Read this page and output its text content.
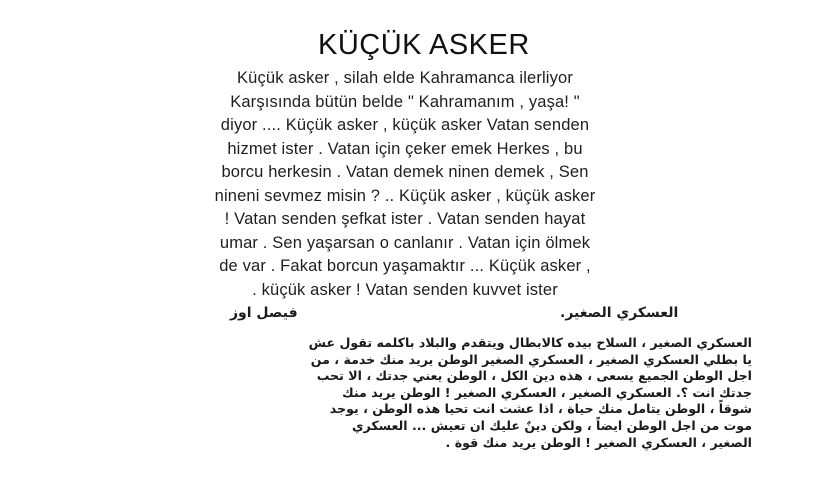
KÜÇÜK ASKER
Küçük asker , silah elde Kahramanca ilerliyor
Karşısında bütün belde " Kahramanım , yaşa! "
diyor .... Küçük asker , küçük asker Vatan senden
hizmet ister . Vatan için çeker emek Herkes , bu
borcu herkesin . Vatan demek ninen demek , Sen
nineni sevmez misin ? .. Küçük asker , küçük asker
! Vatan senden şefkat ister . Vatan senden hayat
umar . Sen yaşarsan o canlanır . Vatan için ölmek
de var . Fakat borcun yaşamaktır ... Küçük asker ,
. küçük asker ! Vatan senden kuvvet ister
فيصل اوز	العسكري الصغير.
العسكري الصغير ، السلاح بيده كالابطال ويتقدم والبلاد باكلمه تقول عش
يا بطلي العسكري الصغير ، العسكري الصغير الوطن يريد منك خدمة ، من
اجل الوطن الجميع يسعى ، هذه دين الكل ، الوطن يعني جدتك ، الا تحب
جدتك انت ؟. العسكري الصغير ، العسكري الصغير ! الوطن يريد منك
شوقاً ، الوطن يتامل منك حياة ، اذا عشت انت تحيا هذه الوطن ، يوجد
موت من اجل الوطن ايضاً ، ولكن دينٌ عليك ان تعيش ... العسكري
الصغير ، العسكري الصغير ! الوطن يريد منك قوة .
